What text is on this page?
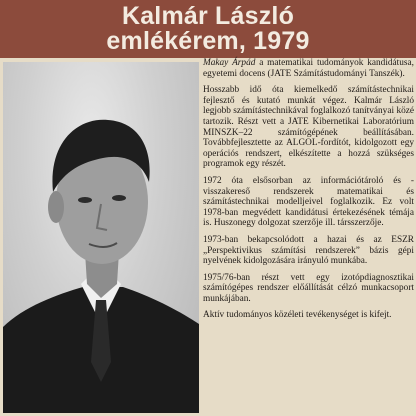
Kalmár László
emlékérem, 1979

Makay Árpád a matematikai tudományok kandidátusa, egyetemi docens (JATE Számítástudományi Tanszék).

Hosszabb idő óta kiemelkedő számítástechnikai fejlesztő és kutató munkát végez. Kalmár László legjobb számítástechnikával foglalkozó tanítványai közé tartozik. Részt vett a JATE Kibernetikai Laboratórium MINSZK–22 számítógépének beállításában. Továbbfejlesztette az ALGOL-fordítót, kidolgozott egy operációs rendszert, elkészítette a hozzá szükséges programok egy részét.

1972 óta elsősorban az információtároló és -visszakereső rendszerek matematikai és számítástechnikai modelljeivel foglalkozik. Ez volt 1978-ban megvédett kandidátusi értekezésének témája is. Huszonegy dolgozat szerzője ill. társszerzője.

1973-ban bekapcsolódott a hazai és az ESZR „Perspektivikus számítási rendszerek” bázis gépi nyelvének kidolgozására irányuló munkába.

1975/76-ban részt vett egy izotópdiagnosztikai számítógépes rendszer előállítását célzó munkacsoport munkájában.

Aktív tudományos közéleti tevékenységet is kifejt.
